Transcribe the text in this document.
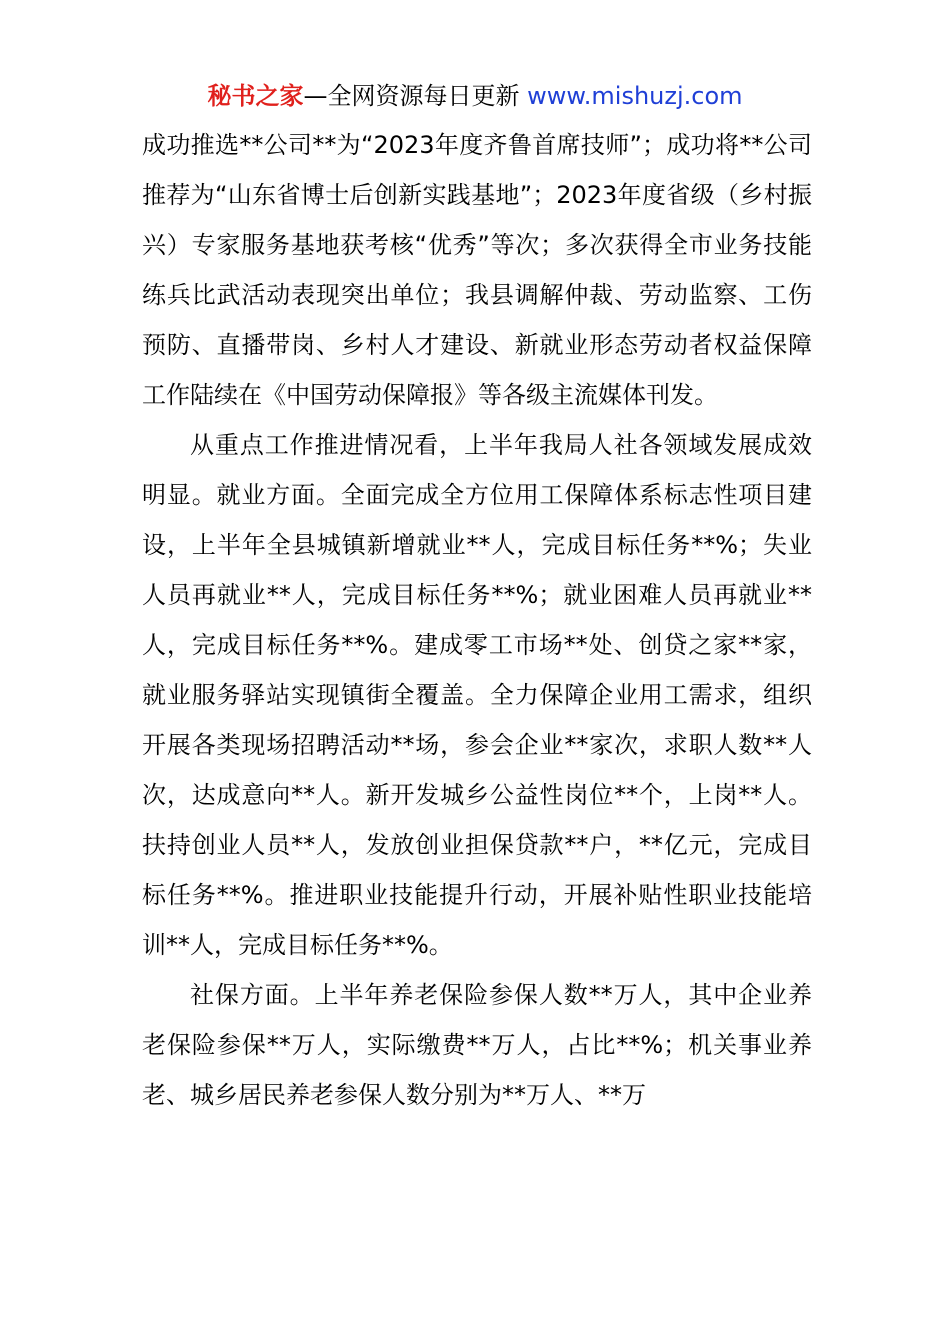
秘书之家—全网资源每日更新 www.mishuzj.com

成功推选**公司**为“2023年度齐鲁首席技师”；成功将**公司推荐为“山东省博士后创新实践基地”；2023年度省级（乡村振兴）专家服务基地获考核“优秀”等次；多次获得全市业务技能练兵比武活动表现突出单位；我县调解仲裁、劳动监察、工伤预防、直播带岗、乡村人才建设、新就业形态劳动者权益保障工作陆续在《中国劳动保障报》等各级主流媒体刊发。

从重点工作推进情况看，上半年我局人社各领域发展成效明显。就业方面。全面完成全方位用工保障体系标志性项目建设，上半年全县城镇新增就业**人，完成目标任务**%；失业人员再就业**人，完成目标任务**%；就业困难人员再就业**人，完成目标任务**%。建成零工市场**处、创贷之家**家，就业服务驿站实现镇街全覆盖。全力保障企业用工需求，组织开展各类现场招聘活动**场，参会企业**家次，求职人数**人次，达成意向**人。新开发城乡公益性岗位**个，上岗**人。扶持创业人员**人，发放创业担保贷款**户，**亿元，完成目标任务**%。推进职业技能提升行动，开展补贴性职业技能培训**人，完成目标任务**%。

社保方面。上半年养老保险参保人数**万人，其中企业养老保险参保**万人，实际缴费**万人，占比**%；机关事业养老、城乡居民养老参保人数分别为**万人、**万
